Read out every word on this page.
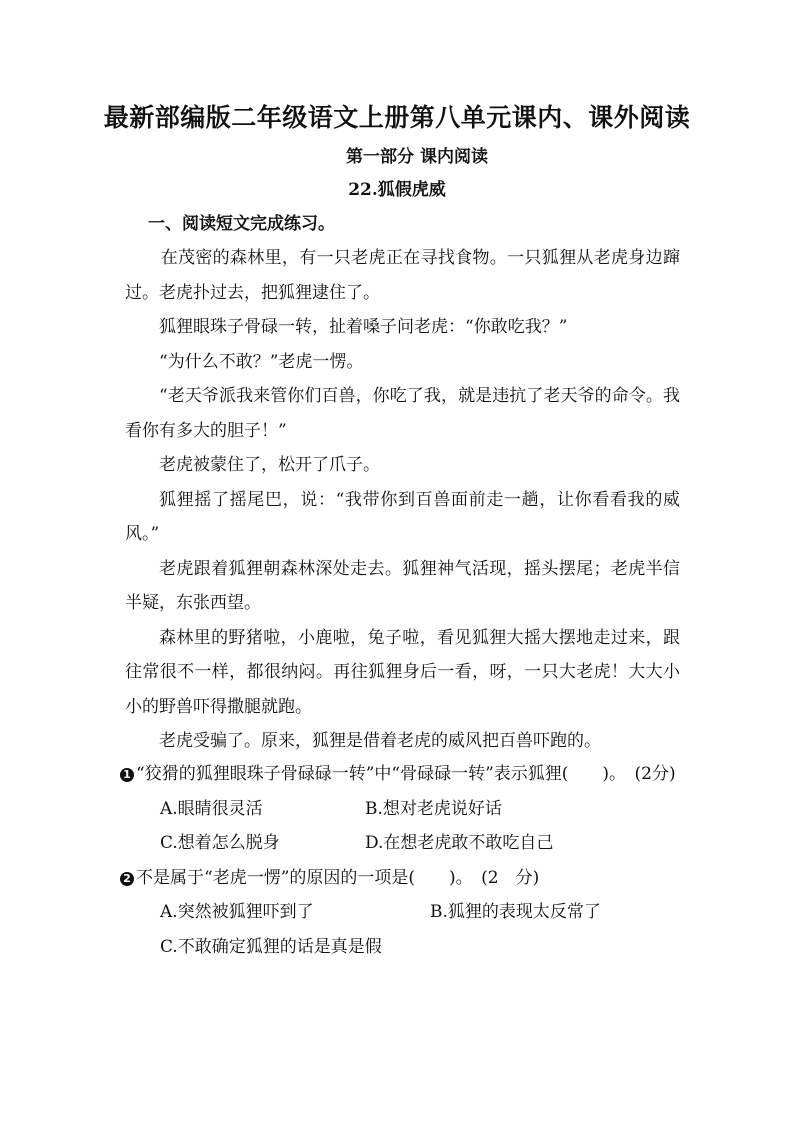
最新部编版二年级语文上册第八单元课内、课外阅读
第一部分 课内阅读
22.狐假虎威
一、阅读短文完成练习。

在茂密的森林里，有一只老虎正在寻找食物。一只狐狸从老虎身边蹿过。老虎扑过去，把狐狸逮住了。

狐狸眼珠子骨碌一转，扯着嗓子问老虎：“你敢吃我？”

“为什么不敢？”老虎一愣。

“老天爷派我来管你们百兽，你吃了我，就是违抗了老天爷的命令。我看你有多大的胆子！”

老虎被蒙住了，松开了爪子。

狐狸摇了摇尾巴，说：“我带你到百兽面前走一趟，让你看看我的威风。”

老虎跟着狐狸朝森林深处走去。狐狸神气活现，摇头摆尾；老虎半信半疑，东张西望。

森林里的野猪啦，小鹿啦，兔子啦，看见狐狸大摇大摆地走过来，跟往常很不一样，都很纳闷。再往狐狸身后一看，呀，一只大老虎！大大小小的野兽吓得撒腿就跑。

老虎受骗了。原来，狐狸是借着老虎的威风把百兽吓跑的。

1 “狡猾的狐狸眼珠子骨碌碌一转”中“骨碌碌一转”表示狐狸(　　)。　(2分)

A.眼睛很灵活	B.想对老虎说好话
C.想着怎么脱身	D.在想老虎敢不敢吃自己

2 不是属于“老虎一愣”的原因的一项是(　　)。　(2　分)

A.突然被狐狸吓到了	B.狐狸的表现太反常了
C.不敢确定狐狸的话是真是假
